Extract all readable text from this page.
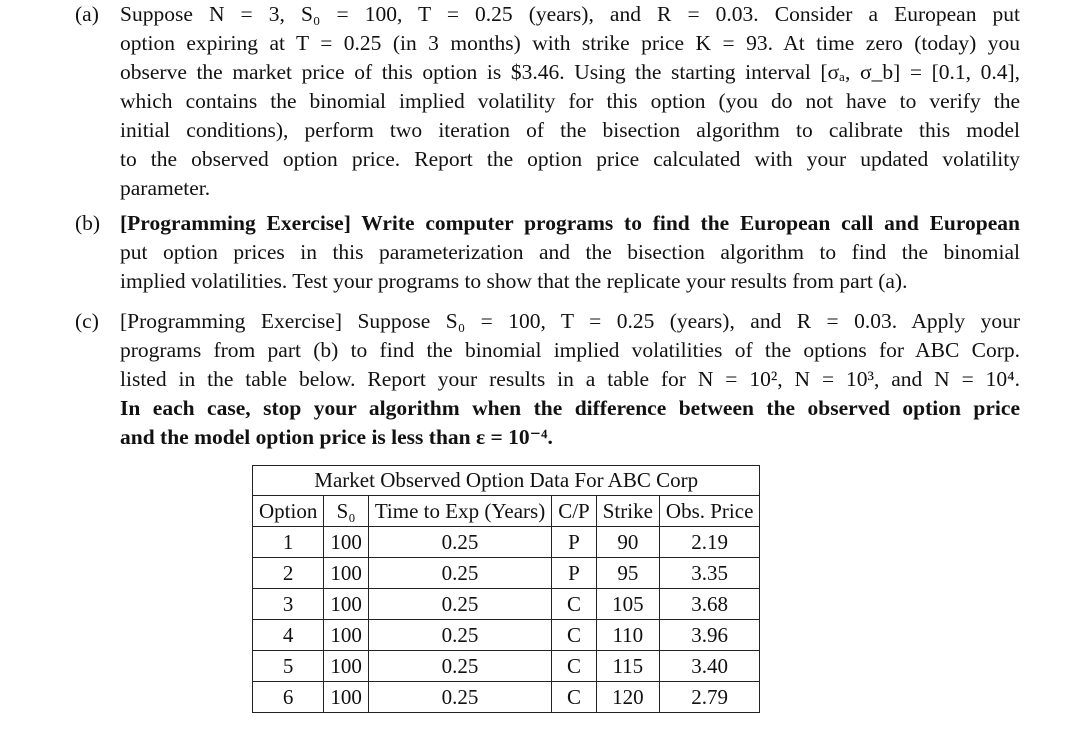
(a) Suppose N = 3, S₀ = 100, T = 0.25 (years), and R = 0.03. Consider a European put
option expiring at T = 0.25 (in 3 months) with strike price K = 93. At time zero (today) you
observe the market price of this option is $3.46. Using the starting interval [σₐ, σ_b] = [0.1, 0.4],
which contains the binomial implied volatility for this option (you do not have to verify the
initial conditions), perform two iteration of the bisection algorithm to calibrate this model
to the observed option price. Report the option price calculated with your updated volatility
parameter.
(b) [Programming Exercise] Write computer programs to find the European call and European
put option prices in this parameterization and the bisection algorithm to find the binomial
implied volatilities. Test your programs to show that the replicate your results from part (a).
(c) [Programming Exercise] Suppose S₀ = 100, T = 0.25 (years), and R = 0.03. Apply your
programs from part (b) to find the binomial implied volatilities of the options for ABC Corp.
listed in the table below. Report your results in a table for N = 10², N = 10³, and N = 10⁴.
In each case, stop your algorithm when the difference between the observed option price
and the model option price is less than ε = 10⁻⁴.
Market Observed Option Data For ABC Corp					
Option	S₀	Time to Exp (Years)	C/P	Strike	Obs. Price
1	100	0.25	P	90	2.19
2	100	0.25	P	95	3.35
3	100	0.25	C	105	3.68
4	100	0.25	C	110	3.96
5	100	0.25	C	115	3.40
6	100	0.25	C	120	2.79
